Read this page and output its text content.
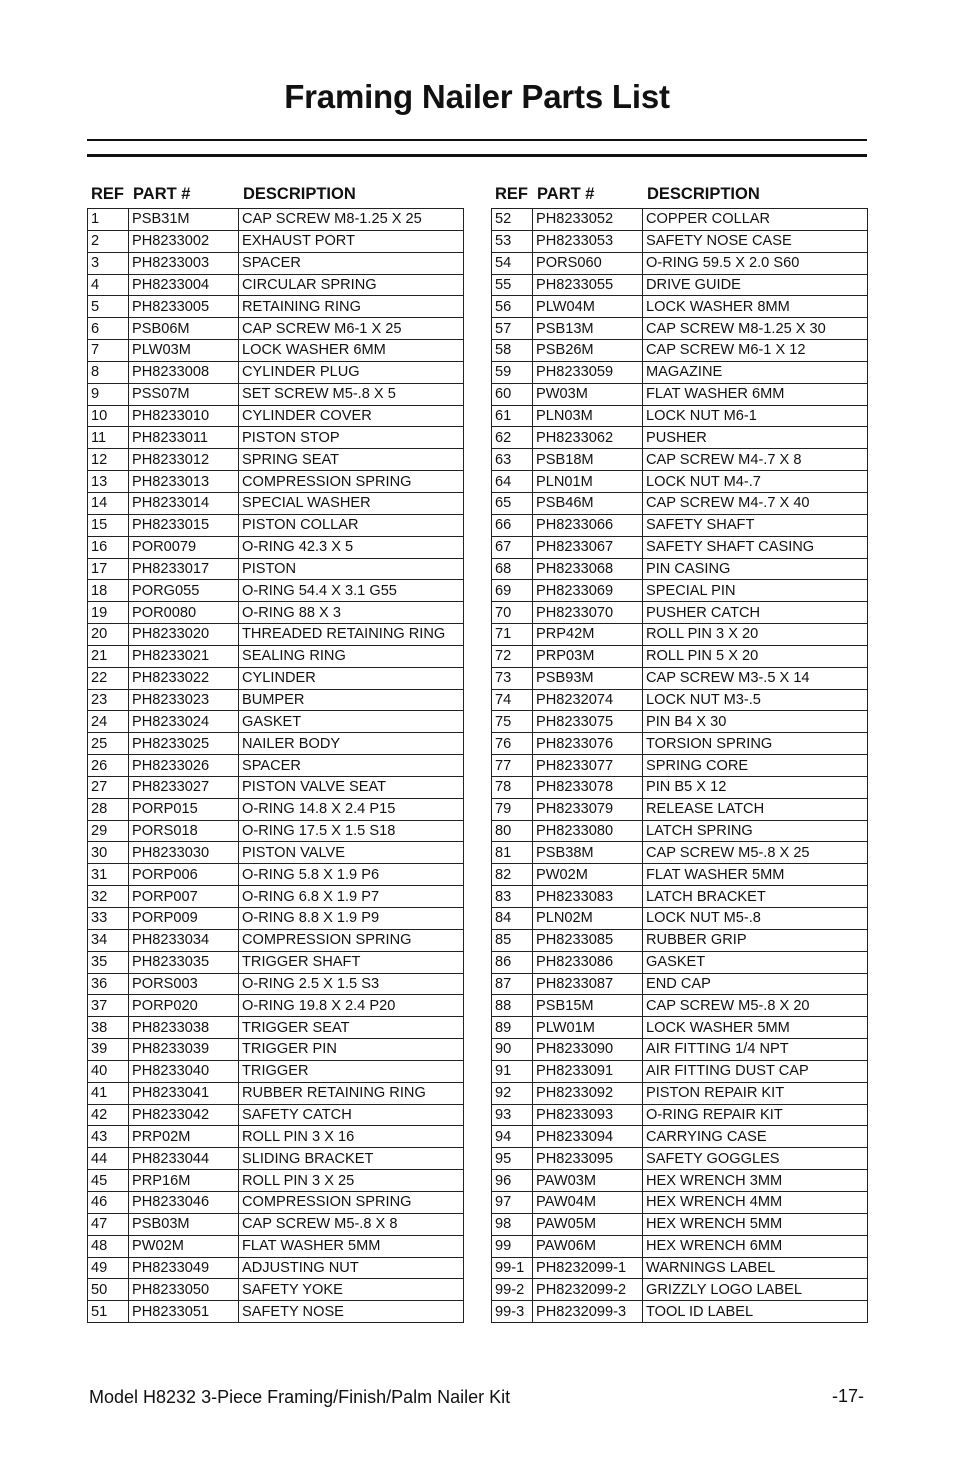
Framing Nailer Parts List
REF PART #	DESCRIPTION
1	PSB31M	CAP SCREW M8-1.25 X 25
2	PH8233002	EXHAUST PORT
3	PH8233003	SPACER
4	PH8233004	CIRCULAR SPRING
5	PH8233005	RETAINING RING
6	PSB06M	CAP SCREW M6-1 X 25
7	PLW03M	LOCK WASHER 6MM
8	PH8233008	CYLINDER PLUG
9	PSS07M	SET SCREW M5-.8 X 5
10	PH8233010	CYLINDER COVER
11	PH8233011	PISTON STOP
12	PH8233012	SPRING SEAT
13	PH8233013	COMPRESSION SPRING
14	PH8233014	SPECIAL WASHER
15	PH8233015	PISTON COLLAR
16	POR0079	O-RING 42.3 X 5
17	PH8233017	PISTON
18	PORG055	O-RING 54.4 X 3.1 G55
19	POR0080	O-RING 88 X 3
20	PH8233020	THREADED RETAINING RING
21	PH8233021	SEALING RING
22	PH8233022	CYLINDER
23	PH8233023	BUMPER
24	PH8233024	GASKET
25	PH8233025	NAILER BODY
26	PH8233026	SPACER
27	PH8233027	PISTON VALVE SEAT
28	PORP015	O-RING 14.8 X 2.4 P15
29	PORS018	O-RING 17.5 X 1.5 S18
30	PH8233030	PISTON VALVE
31	PORP006	O-RING 5.8 X 1.9 P6
32	PORP007	O-RING 6.8 X 1.9 P7
33	PORP009	O-RING 8.8 X 1.9 P9
34	PH8233034	COMPRESSION SPRING
35	PH8233035	TRIGGER SHAFT
36	PORS003	O-RING 2.5 X 1.5 S3
37	PORP020	O-RING 19.8 X 2.4 P20
38	PH8233038	TRIGGER SEAT
39	PH8233039	TRIGGER PIN
40	PH8233040	TRIGGER
41	PH8233041	RUBBER RETAINING RING
42	PH8233042	SAFETY CATCH
43	PRP02M	ROLL PIN 3 X 16
44	PH8233044	SLIDING BRACKET
45	PRP16M	ROLL PIN 3 X 25
46	PH8233046	COMPRESSION SPRING
47	PSB03M	CAP SCREW M5-.8 X 8
48	PW02M	FLAT WASHER 5MM
49	PH8233049	ADJUSTING NUT
50	PH8233050	SAFETY YOKE
51	PH8233051	SAFETY NOSE
REF PART #	DESCRIPTION
52	PH8233052	COPPER COLLAR
53	PH8233053	SAFETY NOSE CASE
54	PORS060	O-RING 59.5 X 2.0 S60
55	PH8233055	DRIVE GUIDE
56	PLW04M	LOCK WASHER 8MM
57	PSB13M	CAP SCREW M8-1.25 X 30
58	PSB26M	CAP SCREW M6-1 X 12
59	PH8233059	MAGAZINE
60	PW03M	FLAT WASHER 6MM
61	PLN03M	LOCK NUT M6-1
62	PH8233062	PUSHER
63	PSB18M	CAP SCREW M4-.7 X 8
64	PLN01M	LOCK NUT M4-.7
65	PSB46M	CAP SCREW M4-.7 X 40
66	PH8233066	SAFETY SHAFT
67	PH8233067	SAFETY SHAFT CASING
68	PH8233068	PIN CASING
69	PH8233069	SPECIAL PIN
70	PH8233070	PUSHER CATCH
71	PRP42M	ROLL PIN 3 X 20
72	PRP03M	ROLL PIN 5 X 20
73	PSB93M	CAP SCREW M3-.5 X 14
74	PH8232074	LOCK NUT M3-.5
75	PH8233075	PIN B4 X 30
76	PH8233076	TORSION SPRING
77	PH8233077	SPRING CORE
78	PH8233078	PIN B5 X 12
79	PH8233079	RELEASE LATCH
80	PH8233080	LATCH SPRING
81	PSB38M	CAP SCREW M5-.8 X 25
82	PW02M	FLAT WASHER 5MM
83	PH8233083	LATCH BRACKET
84	PLN02M	LOCK NUT M5-.8
85	PH8233085	RUBBER GRIP
86	PH8233086	GASKET
87	PH8233087	END CAP
88	PSB15M	CAP SCREW M5-.8 X 20
89	PLW01M	LOCK WASHER 5MM
90	PH8233090	AIR FITTING 1/4 NPT
91	PH8233091	AIR FITTING DUST CAP
92	PH8233092	PISTON REPAIR KIT
93	PH8233093	O-RING REPAIR KIT
94	PH8233094	CARRYING CASE
95	PH8233095	SAFETY GOGGLES
96	PAW03M	HEX WRENCH 3MM
97	PAW04M	HEX WRENCH 4MM
98	PAW05M	HEX WRENCH 5MM
99	PAW06M	HEX WRENCH 6MM
99-1	PH8232099-1	WARNINGS LABEL
99-2	PH8232099-2	GRIZZLY LOGO LABEL
99-3	PH8232099-3	TOOL ID LABEL
Model H8232 3-Piece Framing/Finish/Palm Nailer Kit	-17-
